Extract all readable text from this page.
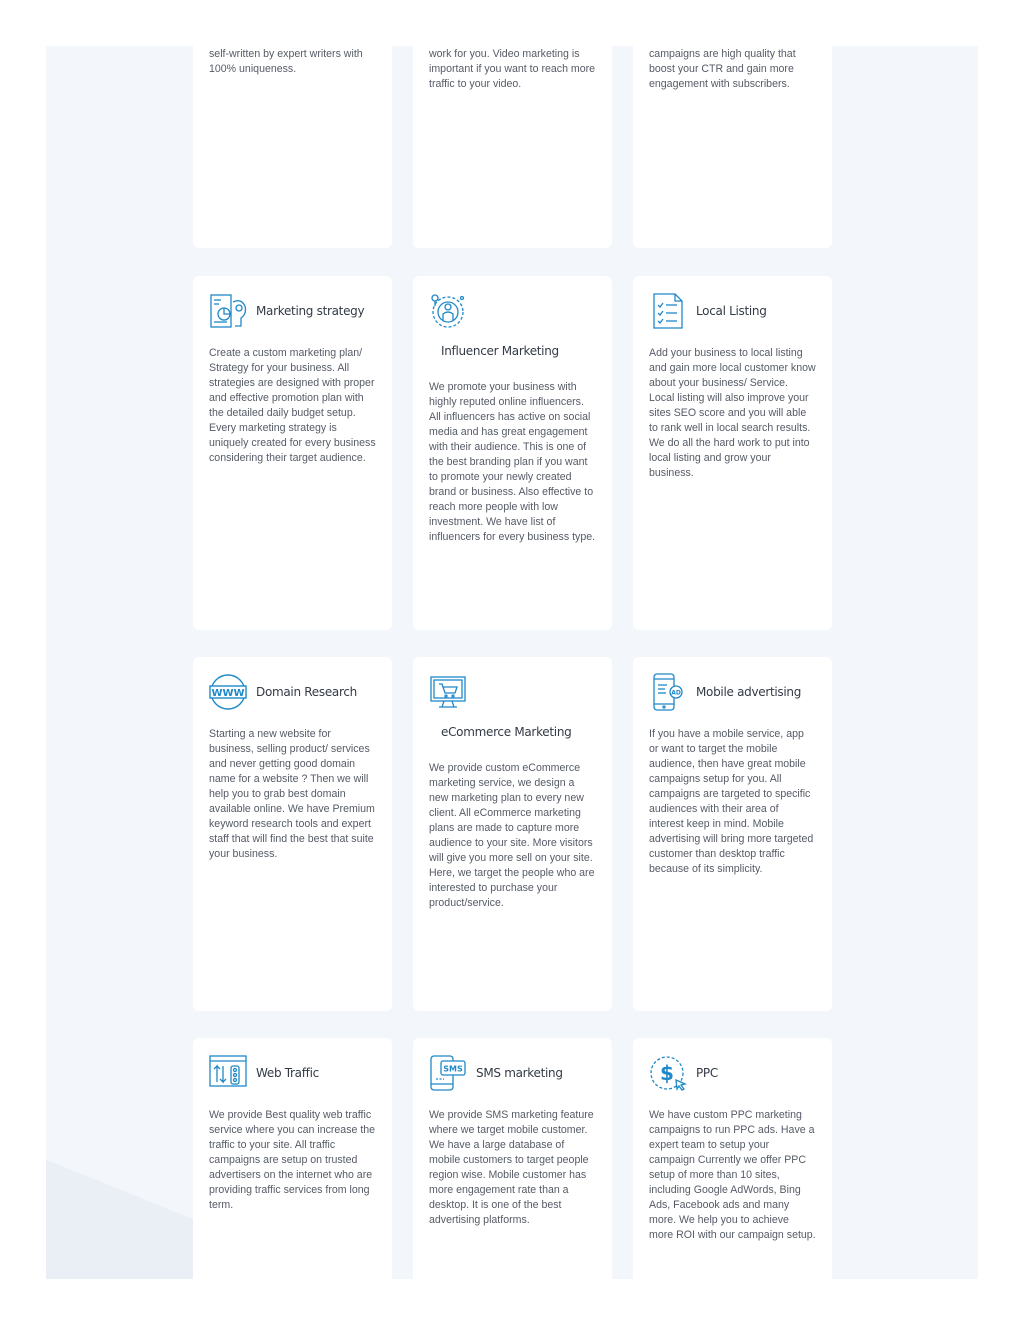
self-written by expert writers with 100% uniqueness.

work for you. Video marketing is important if you want to reach more traffic to your video.

campaigns are high quality that boost your CTR and gain more engagement with subscribers.

Marketing strategy

Create a custom marketing plan/ Strategy for your business. All strategies are designed with proper and effective promotion plan with the detailed daily budget setup. Every marketing strategy is uniquely created for every business considering their target audience.

Influencer Marketing

We promote your business with highly reputed online influencers. All influencers has active on social media and has great engagement with their audience. This is one of the best branding plan if you want to promote your newly created brand or business. Also effective to reach more people with low investment. We have list of influencers for every business type.

Local Listing

Add your business to local listing and gain more local customer know about your business/ Service. Local listing will also improve your sites SEO score and you will able to rank well in local search results. We do all the hard work to put into local listing and grow your business.

WWW Domain Research

Starting a new website for business, selling product/ services and never getting good domain name for a website ? Then we will help you to grab best domain available online. We have Premium keyword research tools and expert staff that will find the best that suite your business.

eCommerce Marketing

We provide custom eCommerce marketing service, we design a new marketing plan to every new client. All eCommerce marketing plans are made to capture more audience to your site. More visitors will give you more sell on your site. Here, we target the people who are interested to purchase your product/service.

AD Mobile advertising

If you have a mobile service, app or want to target the mobile audience, then have great mobile campaigns setup for you. All campaigns are targeted to specific audiences with their area of interest keep in mind. Mobile advertising will bring more targeted customer than desktop traffic because of its simplicity.

Web Traffic

We provide Best quality web traffic service where you can increase the traffic to your site. All traffic campaigns are setup on trusted advertisers on the internet who are providing traffic services from long term.

SMS SMS marketing

We provide SMS marketing feature where we target mobile customer. We have a large database of mobile customers to target people region wise. Mobile customer has more engagement rate than a desktop. It is one of the best advertising platforms.

$ PPC

We have custom PPC marketing campaigns to run PPC ads. Have a expert team to setup your campaign Currently we offer PPC setup of more than 10 sites, including Google AdWords, Bing Ads, Facebook ads and many more. We help you to achieve more ROI with our campaign setup.
